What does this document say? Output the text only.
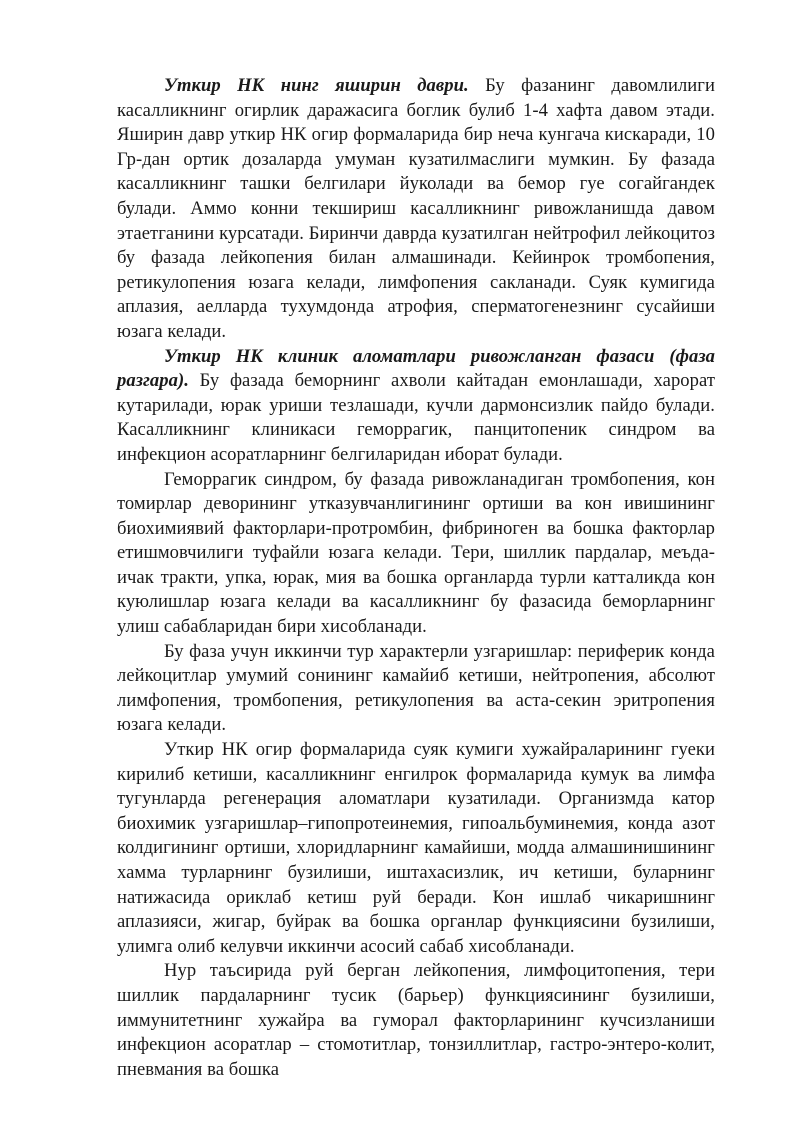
Уткир НК нинг яширин даври. Бу фазанинг давомлилиги касалликнинг огирлик даражасига боглик булиб 1-4 хафта давом этади. Яширин давр уткир НК огир формаларида бир неча кунгача кискаради, 10 Гр-дан ортик дозаларда умуман кузатилмаслиги мумкин. Бу фазада касалликнинг ташки белгилари йуколади ва бемор гуе согайгандек булади. Аммо конни текшириш касалликнинг ривожланишда давом этаетганини курсатади. Биринчи даврда кузатилган нейтрофил лейкоцитоз бу фазада лейкопения билан алмашинади. Кейинрок тромбопения, ретикулопения юзага келади, лимфопения сакланади. Суяк кумигида аплазия, аелларда тухумдонда атрофия, сперматогенезнинг сусайиши юзага келади.

Уткир НК клиник аломатлари ривожланган фазаси (фаза разгара). Бу фазада беморнинг ахволи кайтадан емонлашади, харорат кутарилади, юрак уриши тезлашади, кучли дармонсизлик пайдо булади. Касалликнинг клиникаси геморрагик, панцитопеник синдром ва инфекцион асоратларнинг белгиларидан иборат булади.

Геморрагик синдром, бу фазада ривожланадиган тромбопения, кон томирлар деворининг утказувчанлигининг ортиши ва кон ивишининг биохимиявий факторлари-протромбин, фибриноген ва бошка факторлар етишмовчилиги туфайли юзага келади. Тери, шиллик пардалар, меъда-ичак тракти, упка, юрак, мия ва бошка органларда турли катталикда кон куюлишлар юзага келади ва касалликнинг бу фазасида беморларнинг улиш сабабларидан бири хисобланади.

Бу фаза учун иккинчи тур характерли узгаришлар: периферик конда лейкоцитлар умумий сонининг камайиб кетиши, нейтропения, абсолют лимфопения, тромбопения, ретикулопения ва аста-секин эритропения юзага келади.

Уткир НК огир формаларида суяк кумиги хужайраларининг гуеки кирилиб кетиши, касалликнинг енгилрок формаларида кумук ва лимфа тугунларда регенерация аломатлари кузатилади. Организмда катор биохимик узгаришлар–гипопротеинемия, гипоальбуминемия, конда азот колдигининг ортиши, хлоридларнинг камайиши, модда алмашинишининг хамма турларнинг бузилиши, иштахасизлик, ич кетиши, буларнинг натижасида ориклаб кетиш руй беради. Кон ишлаб чикаришнинг аплазияси, жигар, буйрак ва бошка органлар функциясини бузилиши, улимга олиб келувчи иккинчи асосий сабаб хисобланади.

Нур таъсирида руй берган лейкопения, лимфоцитопения, тери шиллик пардаларнинг тусик (барьер) функциясининг бузилиши, иммунитетнинг хужайра ва гуморал факторларининг кучсизланиши инфекцион асоратлар – стомотитлар, тонзиллитлар, гастро-энтеро-колит, пневмания ва бошка
